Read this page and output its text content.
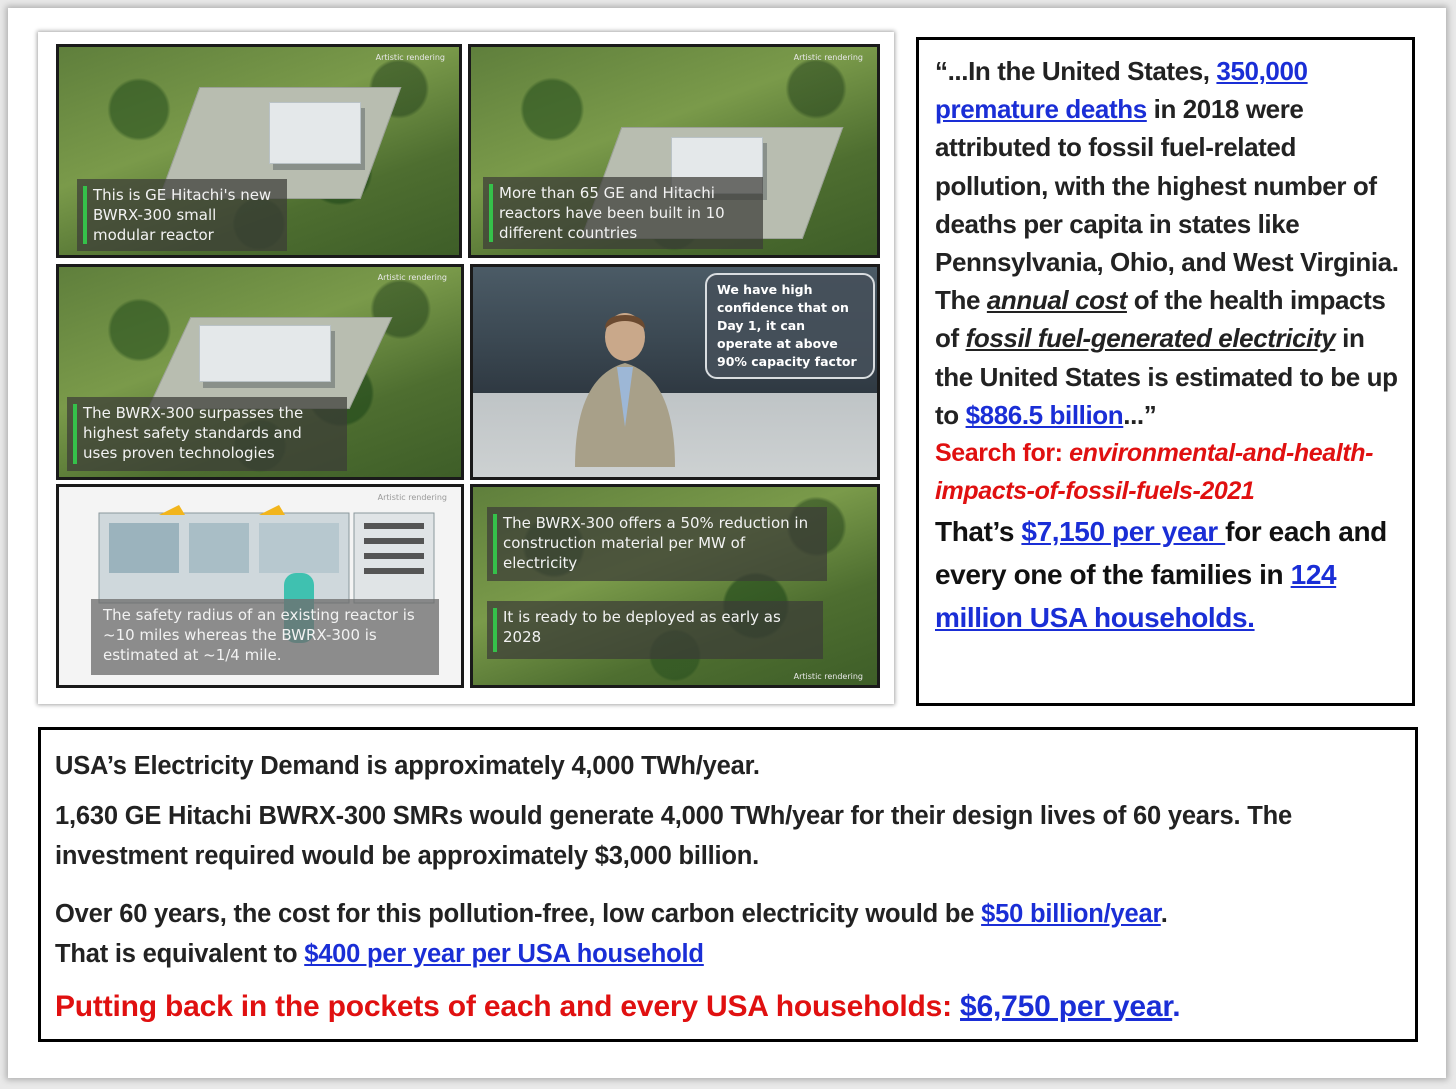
Artistic rendering
This is GE Hitachi's new BWRX-300 small modular reactor
Artistic rendering
More than 65 GE and Hitachi reactors have been built in 10 different countries
Artistic rendering
The BWRX-300 surpasses the highest safety standards and uses proven technologies
We have high confidence that on Day 1, it can operate at above 90% capacity factor
Artistic rendering
The safety radius of an existing reactor is ~10 miles whereas the BWRX-300 is estimated at ~1/4 mile.
The BWRX-300 offers a 50% reduction in construction material per MW of electricity
It is ready to be deployed as early as 2028
Artistic rendering

“...In the United States, 350,000 premature deaths in 2018 were attributed to fossil fuel-related pollution, with the highest number of deaths per capita in states like Pennsylvania, Ohio, and West Virginia. The annual cost of the health impacts of fossil fuel-generated electricity in the United States is estimated to be up to $886.5 billion...”

Search for: environmental-and-health-impacts-of-fossil-fuels-2021

That’s $7,150 per year for each and every one of the families in 124 million USA households.

USA’s Electricity Demand is approximately 4,000 TWh/year.

1,630 GE Hitachi BWRX-300 SMRs would generate 4,000 TWh/year for their design lives of 60 years. The investment required would be approximately $3,000 billion.

Over 60 years, the cost for this pollution-free, low carbon electricity would be $50 billion/year.
That is equivalent to $400 per year per USA household

Putting back in the pockets of each and every USA households: $6,750 per year.
